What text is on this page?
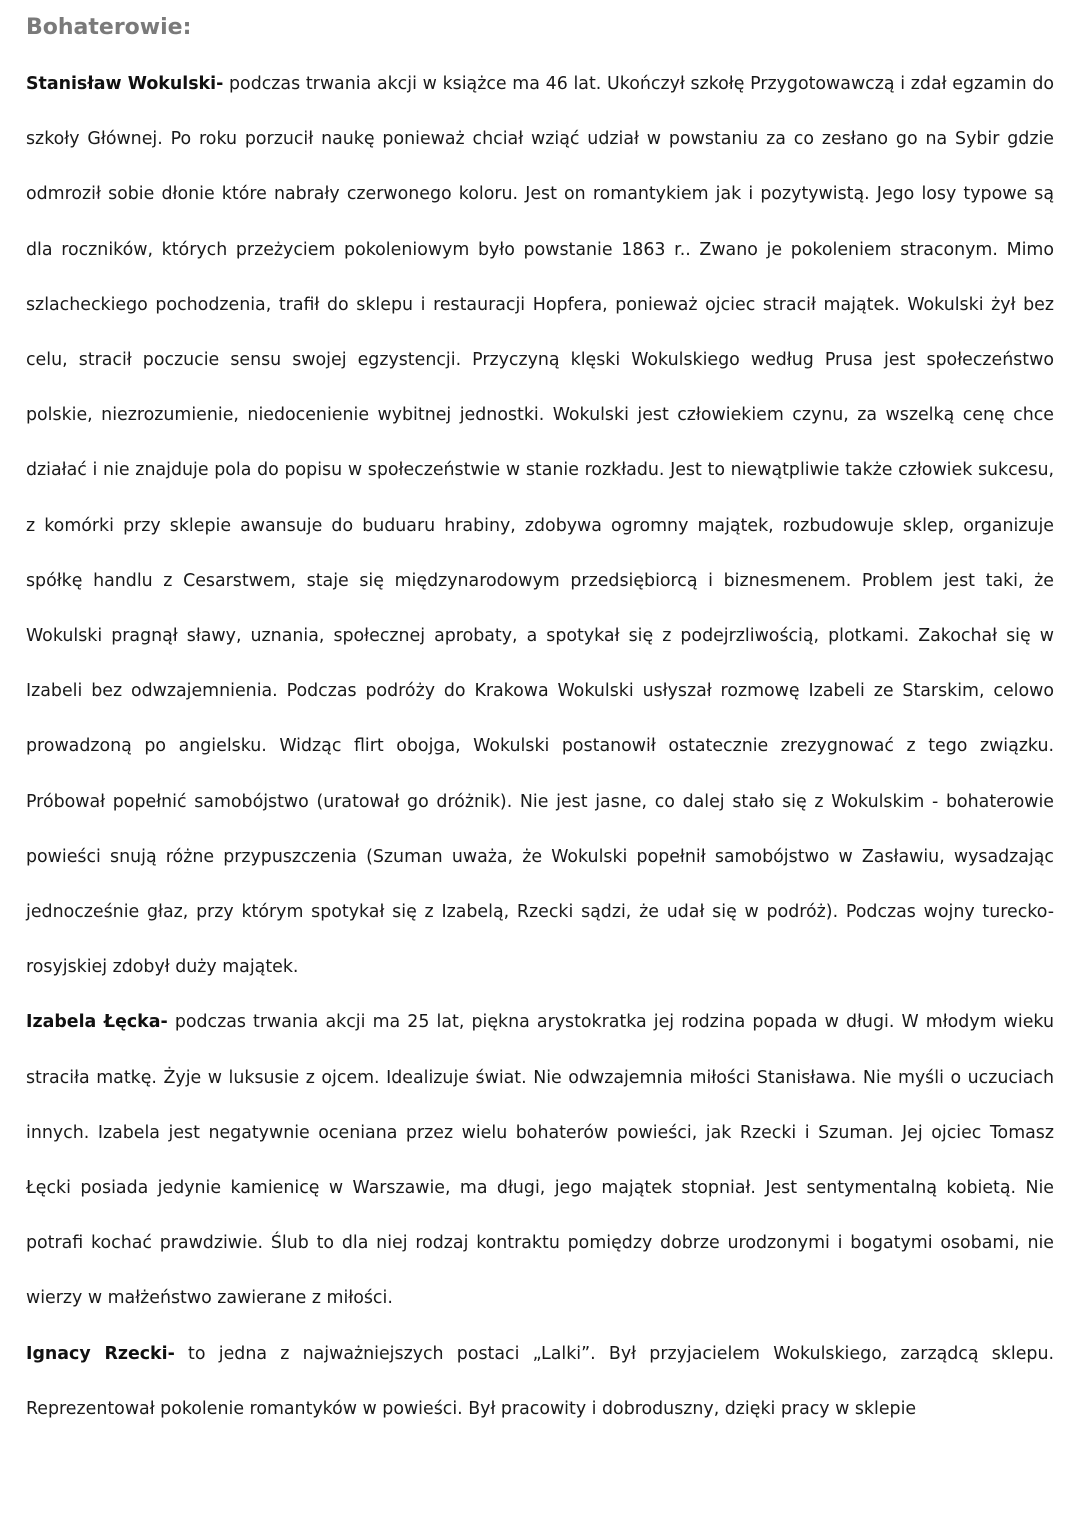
Bohaterowie:

Stanisław Wokulski- podczas trwania akcji w książce ma 46 lat. Ukończył szkołę Przygotowawczą i zdał egzamin do szkoły Głównej. Po roku porzucił naukę ponieważ chciał wziąć udział w powstaniu za co zesłano go na Sybir gdzie odmroził sobie dłonie które nabrały czerwonego koloru. Jest on romantykiem jak i pozytywistą. Jego losy typowe są dla roczników, których przeżyciem pokoleniowym było powstanie 1863 r.. Zwano je pokoleniem straconym. Mimo szlacheckiego pochodzenia, trafił do sklepu i restauracji Hopfera, ponieważ ojciec stracił majątek. Wokulski żył bez celu, stracił poczucie sensu swojej egzystencji. Przyczyną klęski Wokulskiego według Prusa jest społeczeństwo polskie, niezrozumienie, niedocenienie wybitnej jednostki. Wokulski jest człowiekiem czynu, za wszelką cenę chce działać i nie znajduje pola do popisu w społeczeństwie w stanie rozkładu. Jest to niewątpliwie także człowiek sukcesu, z komórki przy sklepie awansuje do buduaru hrabiny, zdobywa ogromny majątek, rozbudowuje sklep, organizuje spółkę handlu z Cesarstwem, staje się międzynarodowym przedsiębiorcą i biznesmenem. Problem jest taki, że Wokulski pragnął sławy, uznania, społecznej aprobaty, a spotykał się z podejrzliwością, plotkami. Zakochał się w Izabeli bez odwzajemnienia. Podczas podróży do Krakowa Wokulski usłyszał rozmowę Izabeli ze Starskim, celowo prowadzoną po angielsku. Widząc flirt obojga, Wokulski postanowił ostatecznie zrezygnować z tego związku. Próbował popełnić samobójstwo (uratował go dróżnik). Nie jest jasne, co dalej stało się z Wokulskim - bohaterowie powieści snują różne przypuszczenia (Szuman uważa, że Wokulski popełnił samobójstwo w Zasławiu, wysadzając jednocześnie głaz, przy którym spotykał się z Izabelą, Rzecki sądzi, że udał się w podróż). Podczas wojny turecko-rosyjskiej zdobył duży majątek.

Izabela Łęcka- podczas trwania akcji ma 25 lat, piękna arystokratka jej rodzina popada w długi. W młodym wieku straciła matkę. Żyje w luksusie z ojcem. Idealizuje świat. Nie odwzajemnia miłości Stanisława. Nie myśli o uczuciach innych. Izabela jest negatywnie oceniana przez wielu bohaterów powieści, jak Rzecki i Szuman. Jej ojciec Tomasz Łęcki posiada jedynie kamienicę w Warszawie, ma długi, jego majątek stopniał. Jest sentymentalną kobietą. Nie potrafi kochać prawdziwie. Ślub to dla niej rodzaj kontraktu pomiędzy dobrze urodzonymi i bogatymi osobami, nie wierzy w małżeństwo zawierane z miłości.

Ignacy Rzecki- to jedna z najważniejszych postaci „Lalki”. Był przyjacielem Wokulskiego, zarządcą sklepu. Reprezentował pokolenie romantyków w powieści. Był pracowity i dobroduszny, dzięki pracy w sklepie
